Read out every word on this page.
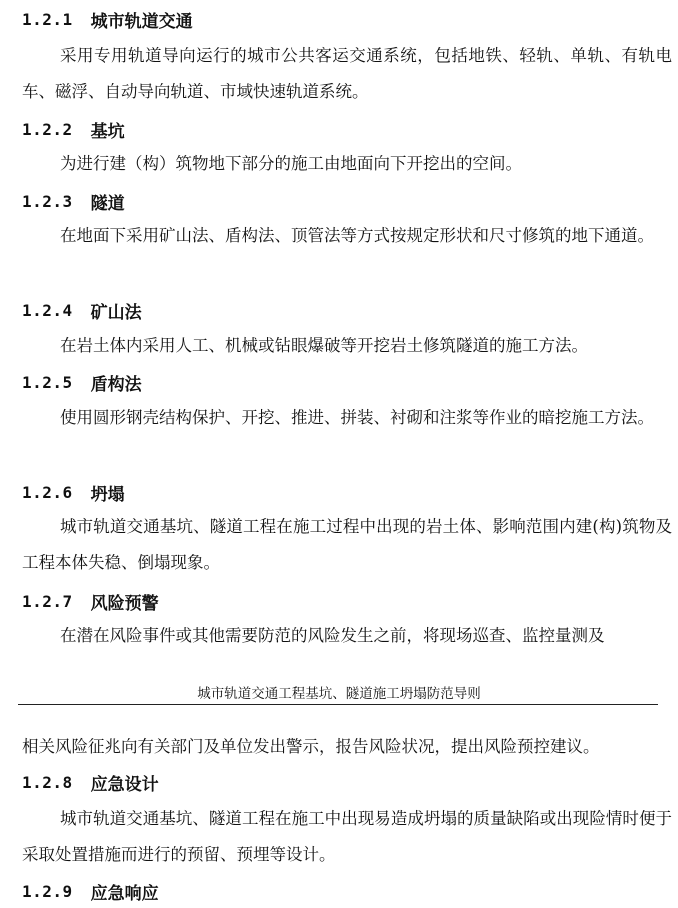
1.2.1 城市轨道交通

采用专用轨道导向运行的城市公共客运交通系统，包括地铁、轻轨、单轨、有轨电车、磁浮、自动导向轨道、市域快速轨道系统。

1.2.2 基坑

为进行建（构）筑物地下部分的施工由地面向下开挖出的空间。

1.2.3 隧道

在地面下采用矿山法、盾构法、顶管法等方式按规定形状和尺寸修筑的地下通道。

1.2.4 矿山法

在岩土体内采用人工、机械或钻眼爆破等开挖岩土修筑隧道的施工方法。

1.2.5 盾构法

使用圆形钢壳结构保护、开挖、推进、拼装、衬砌和注浆等作业的暗挖施工方法。

1.2.6 坍塌

城市轨道交通基坑、隧道工程在施工过程中出现的岩土体、影响范围内建(构)筑物及工程本体失稳、倒塌现象。

1.2.7 风险预警

在潜在风险事件或其他需要防范的风险发生之前，将现场巡查、监控量测及

城市轨道交通工程基坑、隧道施工坍塌防范导则

相关风险征兆向有关部门及单位发出警示，报告风险状况，提出风险预控建议。

1.2.8 应急设计

城市轨道交通基坑、隧道工程在施工中出现易造成坍塌的质量缺陷或出现险情时便于采取处置措施而进行的预留、预埋等设计。

1.2.9 应急响应
